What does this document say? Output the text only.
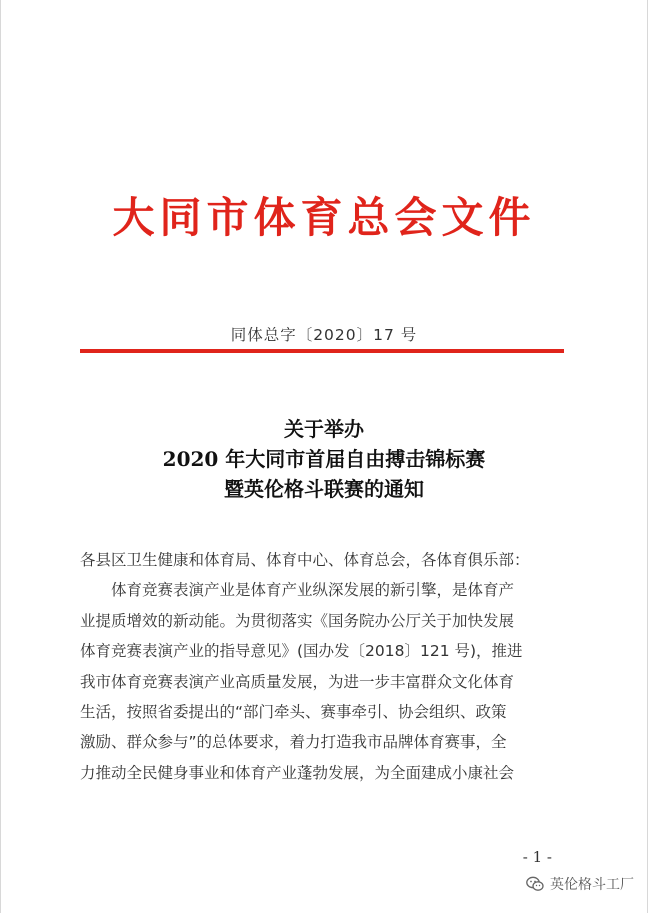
大同市体育总会文件
同体总字〔2020〕17 号
关于举办
2020 年大同市首届自由搏击锦标赛
暨英伦格斗联赛的通知
各县区卫生健康和体育局、体育中心、体育总会，各体育俱乐部：

　　体育竞赛表演产业是体育产业纵深发展的新引擎，是体育产
业提质增效的新动能。为贯彻落实《国务院办公厅关于加快发展
体育竞赛表演产业的指导意见》(国办发〔2018〕121 号)，推进
我市体育竞赛表演产业高质量发展，为进一步丰富群众文化体育
生活，按照省委提出的“部门牵头、赛事牵引、协会组织、政策
激励、群众参与”的总体要求，着力打造我市品牌体育赛事，全
力推动全民健身事业和体育产业蓬勃发展，为全面建成小康社会

- 1 -
英伦格斗工厂
